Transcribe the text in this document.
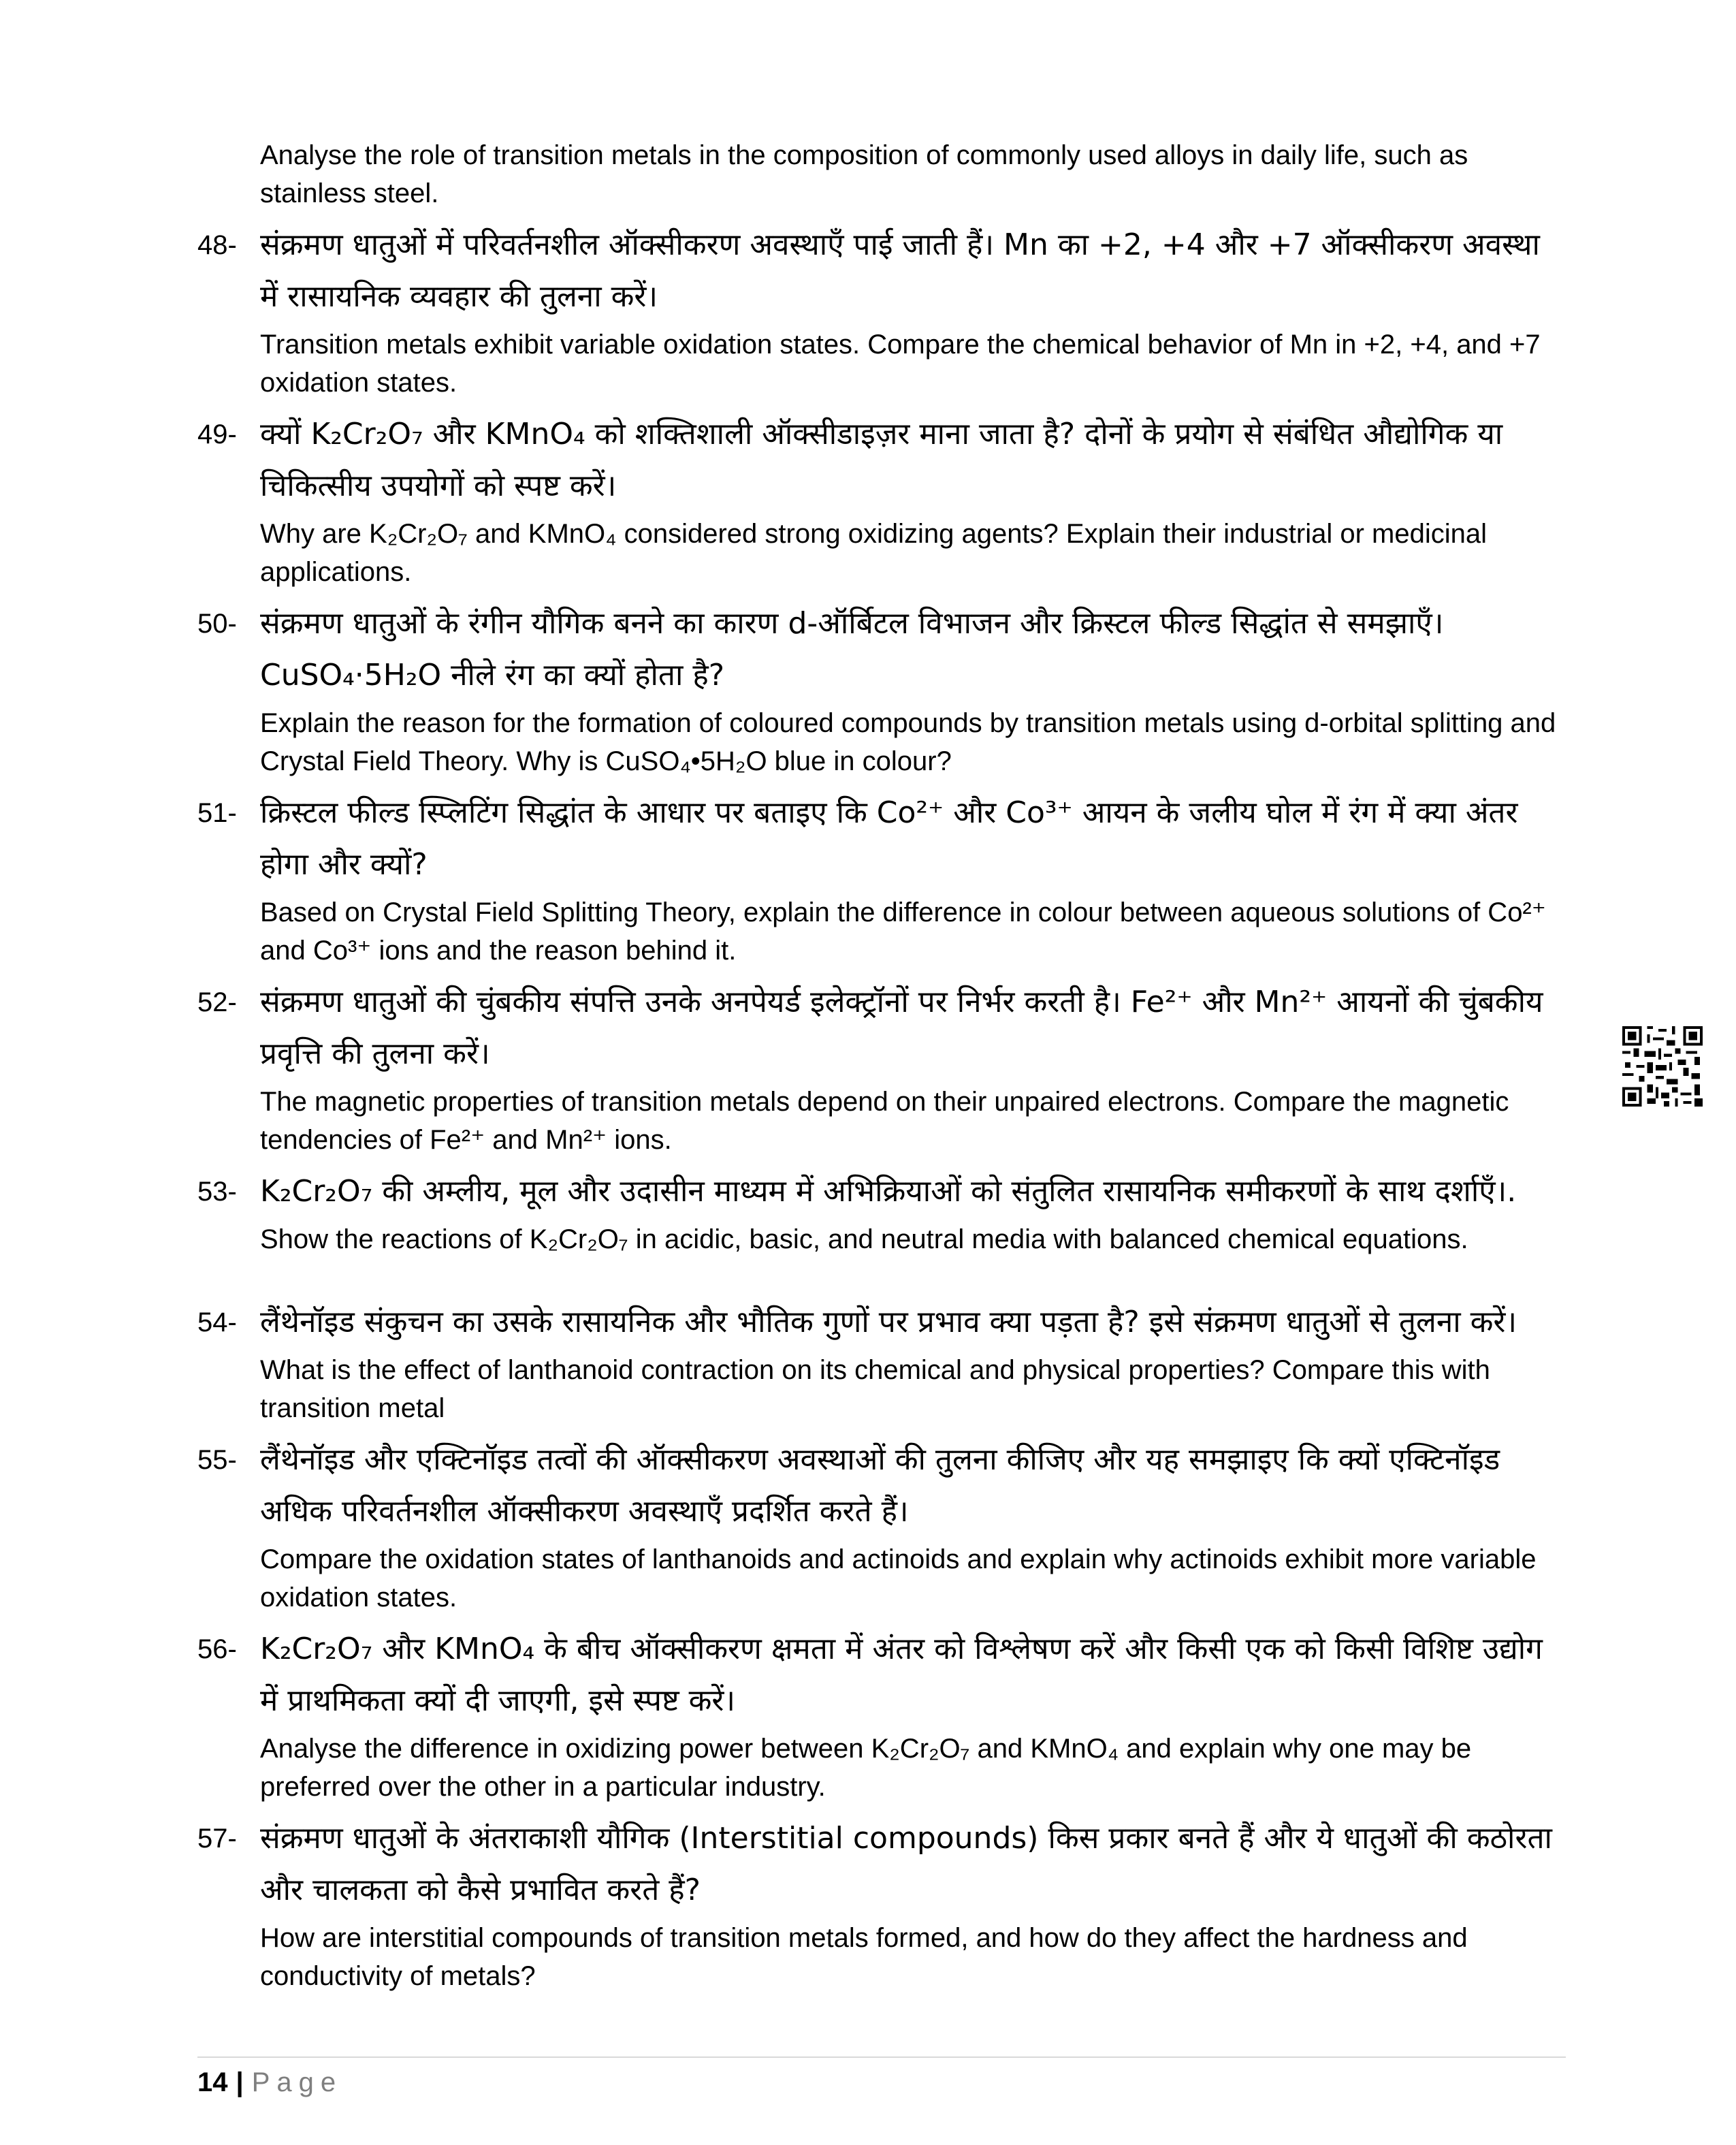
Analyse the role of transition metals in the composition of commonly used alloys in daily life, such as stainless steel.
48- संक्रमण धातुओं में परिवर्तनशील ऑक्सीकरण अवस्थाएँ पाई जाती हैं। Mn का +2, +4 और +7 ऑक्सीकरण अवस्था में रासायनिक व्यवहार की तुलना करें।
Transition metals exhibit variable oxidation states. Compare the chemical behavior of Mn in +2, +4, and +7 oxidation states.
49- क्यों K₂Cr₂O₇ और KMnO₄ को शक्तिशाली ऑक्सीडाइज़र माना जाता है? दोनों के प्रयोग से संबंधित औद्योगिक या चिकित्सीय उपयोगों को स्पष्ट करें।
Why are K₂Cr₂O₇ and KMnO₄ considered strong oxidizing agents? Explain their industrial or medicinal applications.
50- संक्रमण धातुओं के रंगीन यौगिक बनने का कारण d-ऑर्बिटल विभाजन और क्रिस्टल फील्ड सिद्धांत से समझाएँ। CuSO₄·5H₂O नीले रंग का क्यों होता है?
Explain the reason for the formation of coloured compounds by transition metals using d-orbital splitting and Crystal Field Theory. Why is CuSO₄•5H₂O blue in colour?
51- क्रिस्टल फील्ड स्प्लिटिंग सिद्धांत के आधार पर बताइए कि Co²⁺ और Co³⁺ आयन के जलीय घोल में रंग में क्या अंतर होगा और क्यों?
Based on Crystal Field Splitting Theory, explain the difference in colour between aqueous solutions of Co²⁺ and Co³⁺ ions and the reason behind it.
52- संक्रमण धातुओं की चुंबकीय संपत्ति उनके अनपेयर्ड इलेक्ट्रॉनों पर निर्भर करती है। Fe²⁺ और Mn²⁺ आयनों की चुंबकीय प्रवृत्ति की तुलना करें।
The magnetic properties of transition metals depend on their unpaired electrons. Compare the magnetic tendencies of Fe²⁺ and Mn²⁺ ions.
53- K₂Cr₂O₇ की अम्लीय, मूल और उदासीन माध्यम में अभिक्रियाओं को संतुलित रासायनिक समीकरणों के साथ दर्शाएँ।.
Show the reactions of K₂Cr₂O₇ in acidic, basic, and neutral media with balanced chemical equations.
54- लैंथेनॉइड संकुचन का उसके रासायनिक और भौतिक गुणों पर प्रभाव क्या पड़ता है? इसे संक्रमण धातुओं से तुलना करें।
What is the effect of lanthanoid contraction on its chemical and physical properties? Compare this with transition metal
55- लैंथेनॉइड और एक्टिनॉइड तत्वों की ऑक्सीकरण अवस्थाओं की तुलना कीजिए और यह समझाइए कि क्यों एक्टिनॉइड अधिक परिवर्तनशील ऑक्सीकरण अवस्थाएँ प्रदर्शित करते हैं।
Compare the oxidation states of lanthanoids and actinoids and explain why actinoids exhibit more variable oxidation states.
56- K₂Cr₂O₇ और KMnO₄ के बीच ऑक्सीकरण क्षमता में अंतर को विश्लेषण करें और किसी एक को किसी विशिष्ट उद्योग में प्राथमिकता क्यों दी जाएगी, इसे स्पष्ट करें।
Analyse the difference in oxidizing power between K₂Cr₂O₇ and KMnO₄ and explain why one may be preferred over the other in a particular industry.
57- संक्रमण धातुओं के अंतराकाशी यौगिक (Interstitial compounds) किस प्रकार बनते हैं और ये धातुओं की कठोरता और चालकता को कैसे प्रभावित करते हैं?
How are interstitial compounds of transition metals formed, and how do they affect the hardness and conductivity of metals?
14 | Page
